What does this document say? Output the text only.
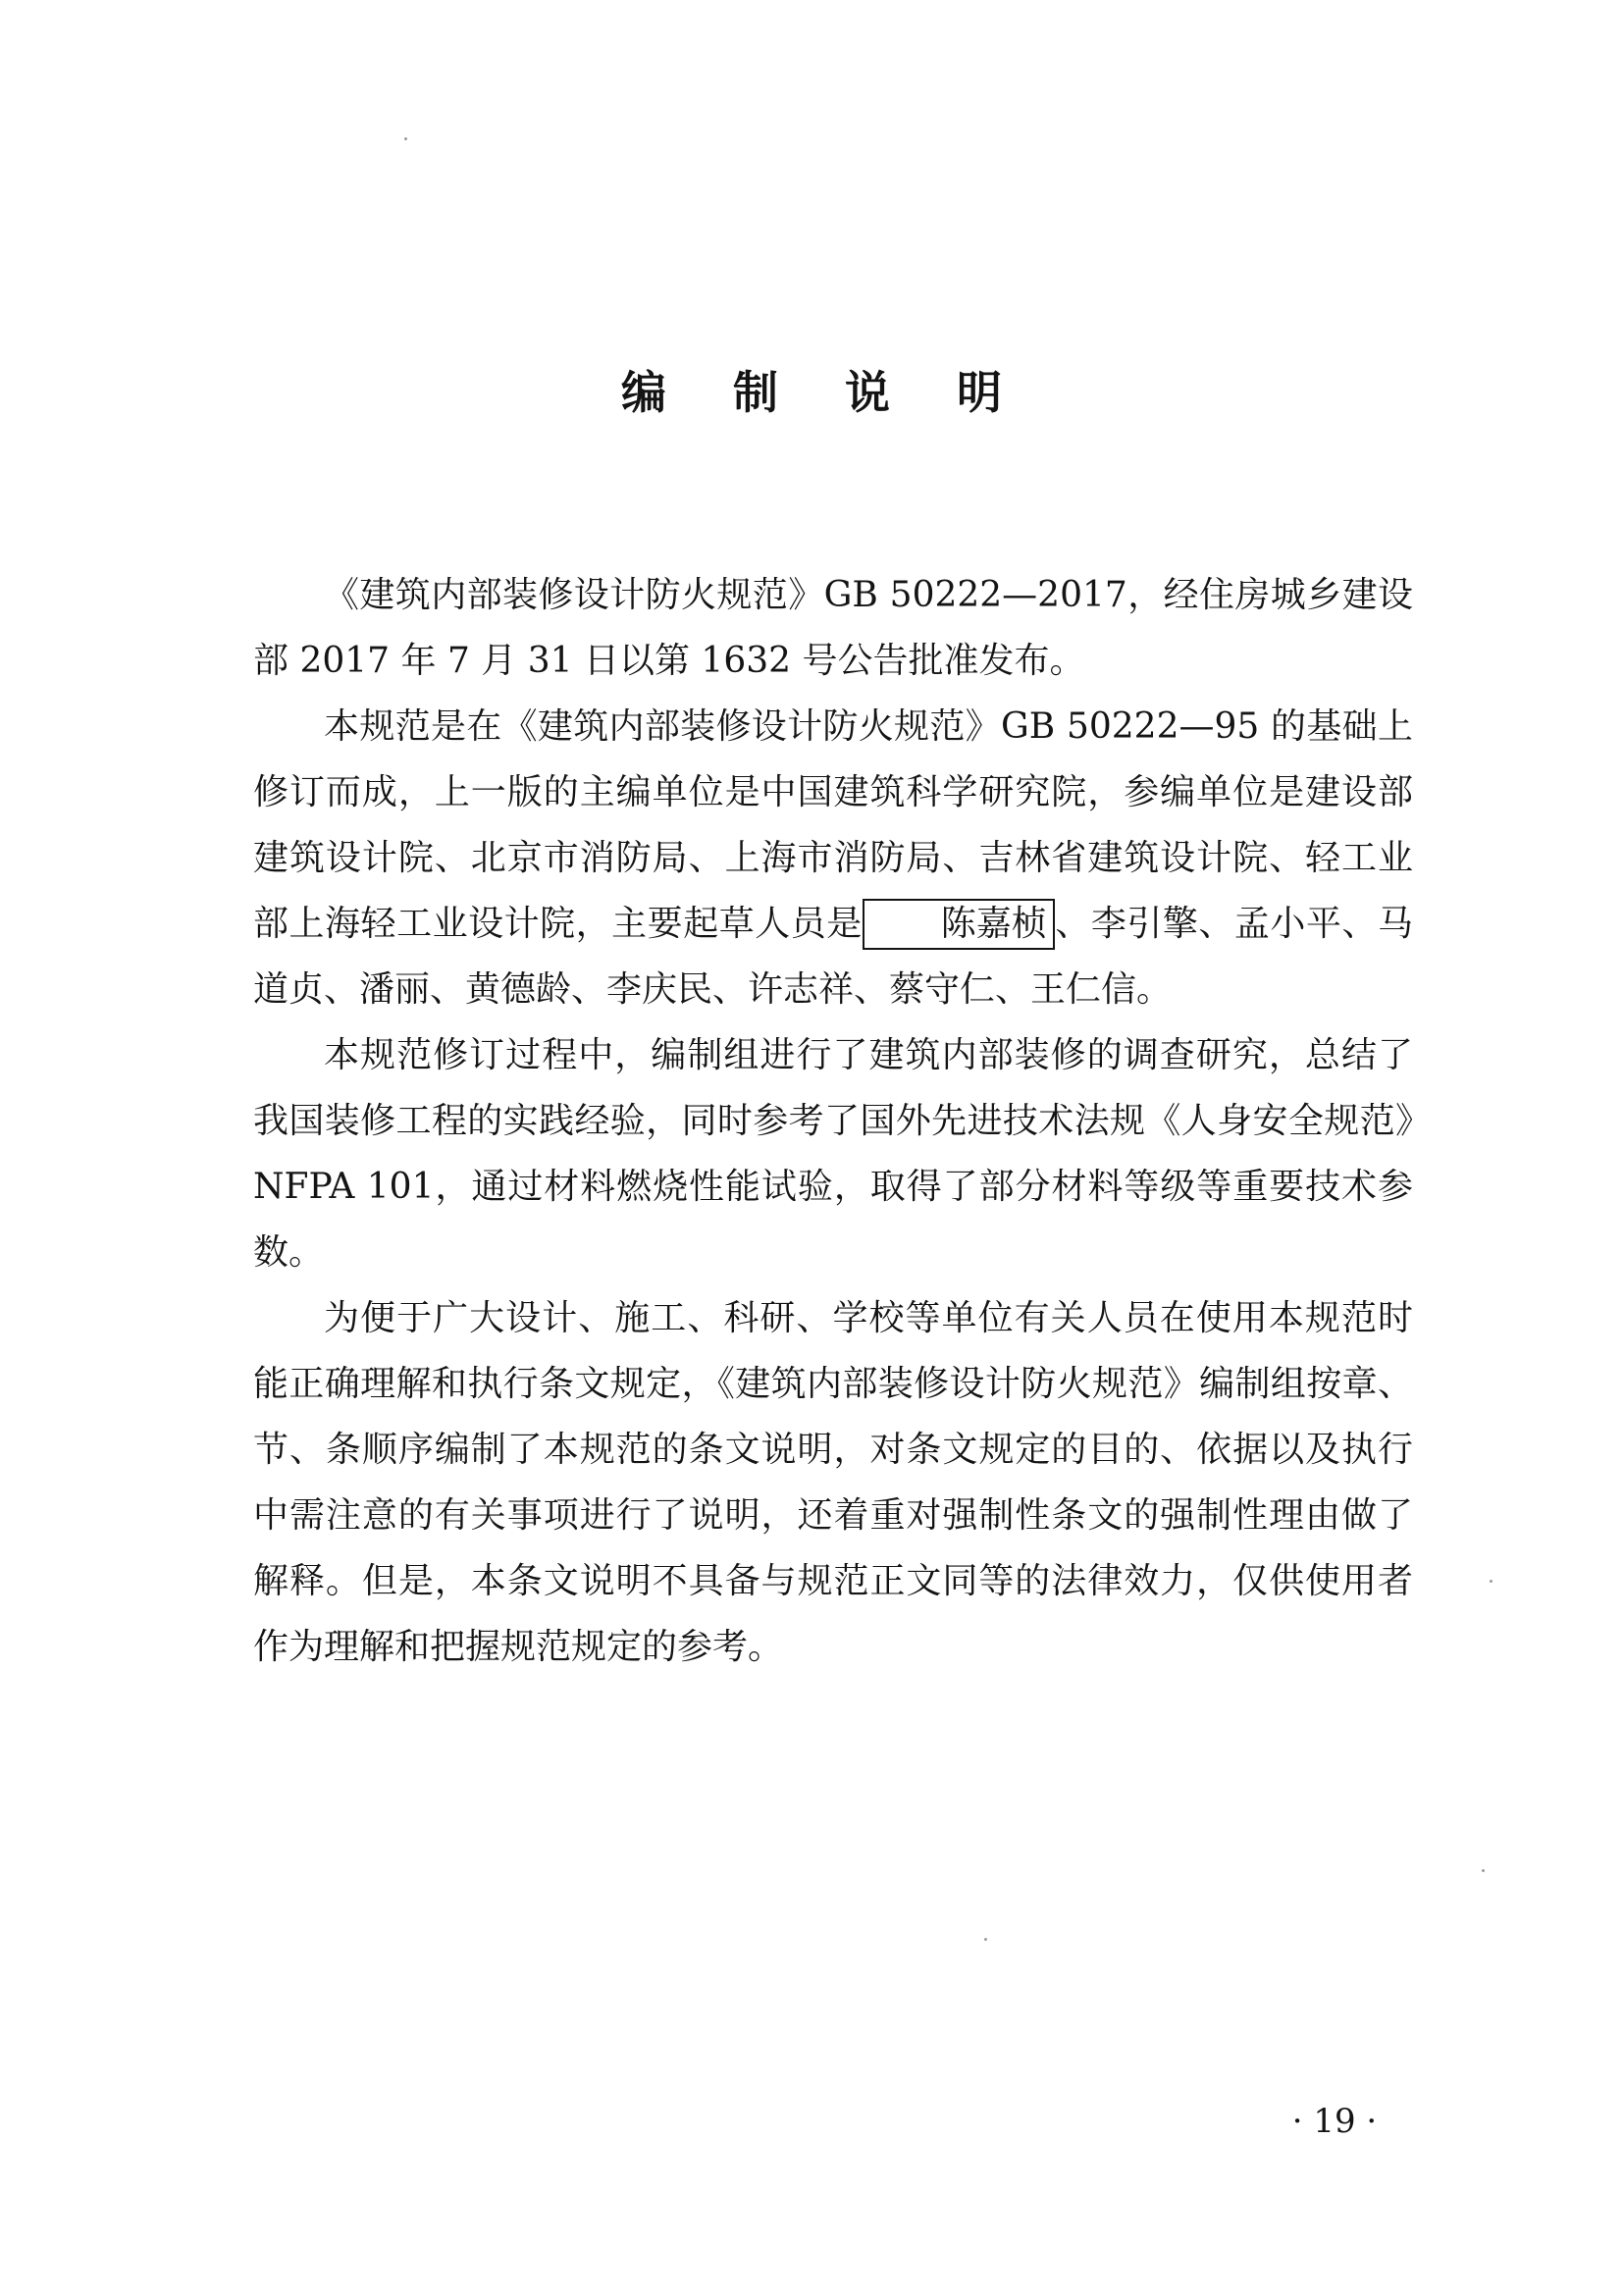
编 制 说 明

《建筑内部装修设计防火规范》GB 50222—2017，经住房城乡建设部 2017 年 7 月 31 日以第 1632 号公告批准发布。

本规范是在《建筑内部装修设计防火规范》GB 50222—95 的基础上修订而成，上一版的主编单位是中国建筑科学研究院，参编单位是建设部建筑设计院、北京市消防局、上海市消防局、吉林省建筑设计院、轻工业部上海轻工业设计院，主要起草人员是 陈嘉桢 、李引擎、孟小平、马道贞、潘丽、黄德龄、李庆民、许志祥、蔡守仁、王仁信。

本规范修订过程中，编制组进行了建筑内部装修的调查研究，总结了我国装修工程的实践经验，同时参考了国外先进技术法规《人身安全规范》NFPA 101，通过材料燃烧性能试验，取得了部分材料等级等重要技术参数。

为便于广大设计、施工、科研、学校等单位有关人员在使用本规范时能正确理解和执行条文规定，《建筑内部装修设计防火规范》编制组按章、节、条顺序编制了本规范的条文说明，对条文规定的目的、依据以及执行中需注意的有关事项进行了说明，还着重对强制性条文的强制性理由做了解释。但是，本条文说明不具备与规范正文同等的法律效力，仅供使用者作为理解和把握规范规定的参考。

· 19 ·
